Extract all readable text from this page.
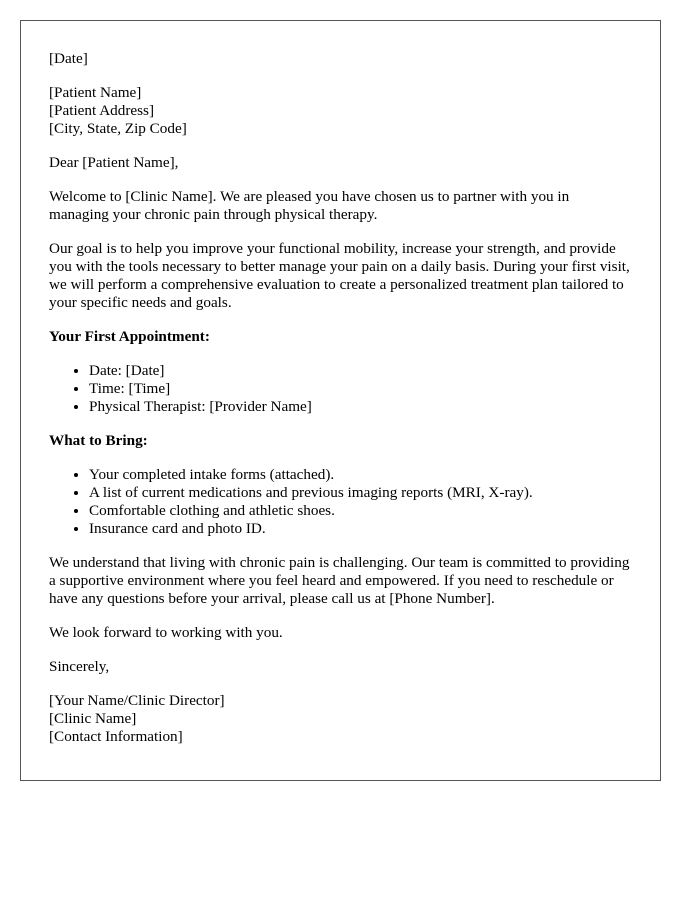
[Date]

[Patient Name]
[Patient Address]
[City, State, Zip Code]

Dear [Patient Name],

Welcome to [Clinic Name]. We are pleased you have chosen us to partner with you in managing your chronic pain through physical therapy.

Our goal is to help you improve your functional mobility, increase your strength, and provide you with the tools necessary to better manage your pain on a daily basis. During your first visit, we will perform a comprehensive evaluation to create a personalized treatment plan tailored to your specific needs and goals.

Your First Appointment:
• Date: [Date]
• Time: [Time]
• Physical Therapist: [Provider Name]
What to Bring:
• Your completed intake forms (attached).
• A list of current medications and previous imaging reports (MRI, X-ray).
• Comfortable clothing and athletic shoes.
• Insurance card and photo ID.

We understand that living with chronic pain is challenging. Our team is committed to providing a supportive environment where you feel heard and empowered. If you need to reschedule or have any questions before your arrival, please call us at [Phone Number].

We look forward to working with you.

Sincerely,

[Your Name/Clinic Director]
[Clinic Name]
[Contact Information]
